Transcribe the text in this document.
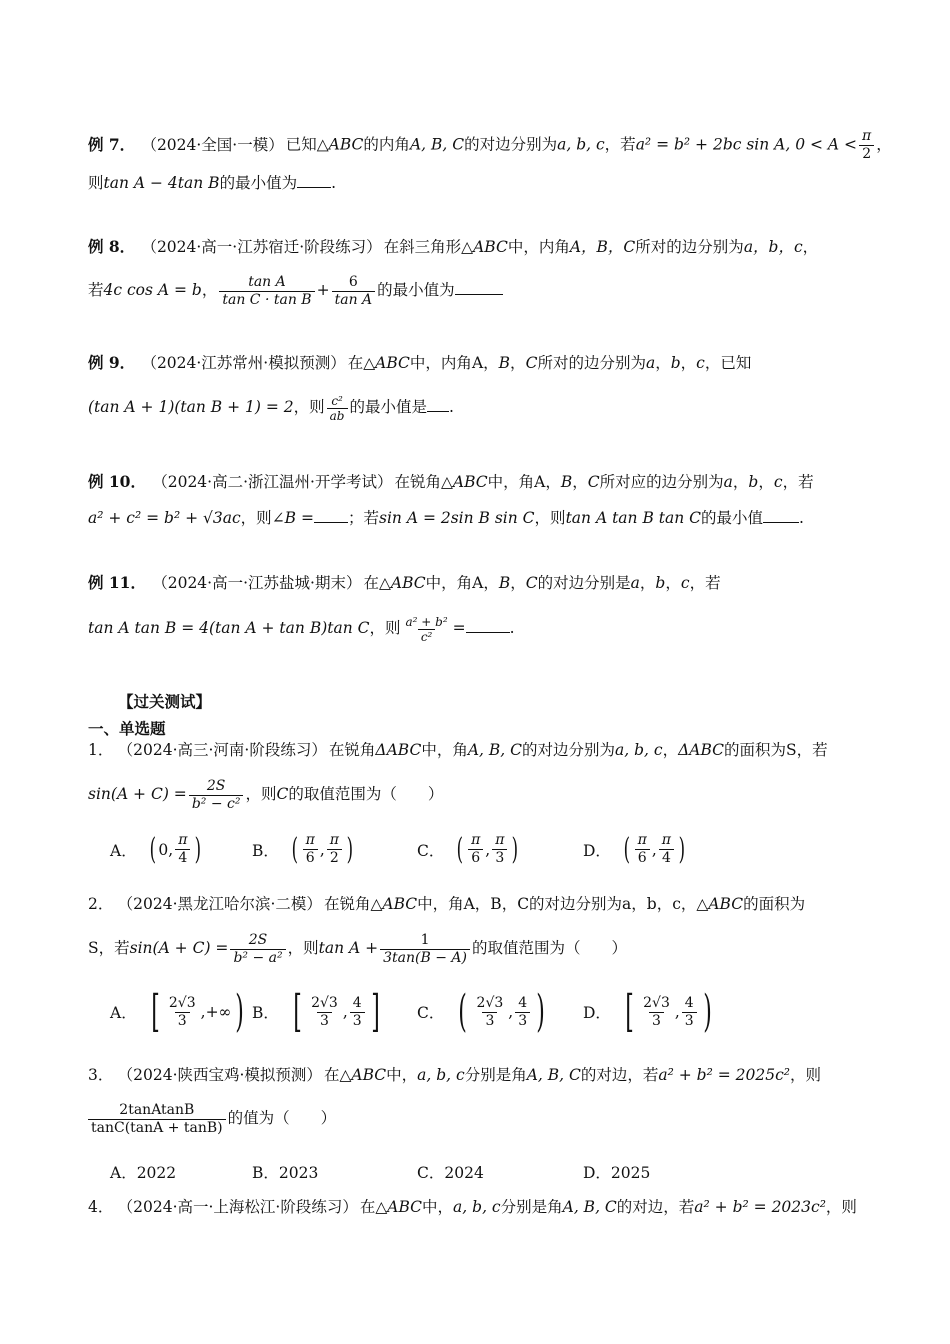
例 7． （2024·全国·一模） 已知△ABC的内角A, B, C的对边分别为a, b, c，若a² = b² + 2bc sin A, $0 < A < \frac{\pi}{2}$ ，
则tan A − 4tan B的最小值为 .
例 8． （2024·高一·江苏宿迁·阶段练习） 在斜三角形△ABC中，内角A，B，C所对的边分别为a，b，c，
若4c cos A = b， $\frac{\text{tan A}}{\text{tan C · tan B}} + \frac{6}{\text{tan A}}$ 的最小值为
例 9． （2024·江苏常州·模拟预测） 在△ABC中，内角A，B，C所对的边分别为a，b，c，已知
(tan A + 1)(tan B + 1) = 2，则 $\frac{\text{c²}}{ab}$ 的最小值是 .
例 10． （2024·高二·浙江温州·开学考试） 在锐角△ABC中，角A，B，C所对应的边分别为a，b，c，若
a² + c² = b² + √3ac，则∠B = ；若sin A = 2sin B sin C，则tan A tan B tan C的最小值 .
例 11． （2024·高一·江苏盐城·期末） 在△ABC中，角A，B，C的对边分别是a，b，c，若
tan A tan B = 4(tan A + tan B)tan C，则 $\frac{\text{a² + b²}}{\text{c²}}$ =	.
【过关测试】
一、单选题
1． （2024·高三·河南·阶段练习） 在锐角ΔABC中，角A, B, C的对边分别为a, b, c，ΔABC的面积为S，若
$\sin(A + C) = \frac{2S}{\text{b² − c²}}$ ，则C的取值范围为（　　）
A． ( 0, $\frac{\pi}{4}$ )	B． ( $\frac{\pi}{6}$ , $\frac{\pi}{2}$ )	C． ( $\frac{\pi}{6}$ , $\frac{\pi}{3}$ )	D． ( $\frac{\pi}{6}$ , $\frac{\pi}{4}$ )
2． （2024·黑龙江哈尔滨·二模） 在锐角△ABC中，角A，B，C的对边分别为a，b，c，△ABC的面积为
S，若$\sin(A + C) = \frac{2S}{\text{b² − a²}}$ ，则$\tan A + \frac{1}{3\tan(B - A)}$ 的取值范围为（　　）
A． [ $\frac{2√3}{3}$ , +∞ ) B． [ $\frac{2√3}{3}$ , $\frac{4}{3}$ ] C． ( $\frac{2√3}{3}$ , $\frac{4}{3}$ ) D． [ $\frac{2√3}{3}$ , $\frac{4}{3}$ )
3． （2024·陕西宝鸡·模拟预测） 在△ABC中，a, b, c分别是角A, B, C的对边，若a² + b² = 2025c²，则
$\frac{\text{2tanAtanB}}{\tan C(\tan A + \tan B)}$ 的值为（　　）
A．2022	B．2023	C．2024	D．2025
4． （2024·高一·上海松江·阶段练习） 在△ABC中，a, b, c分别是角A, B, C的对边，若a² + b² = 2023c²，则
